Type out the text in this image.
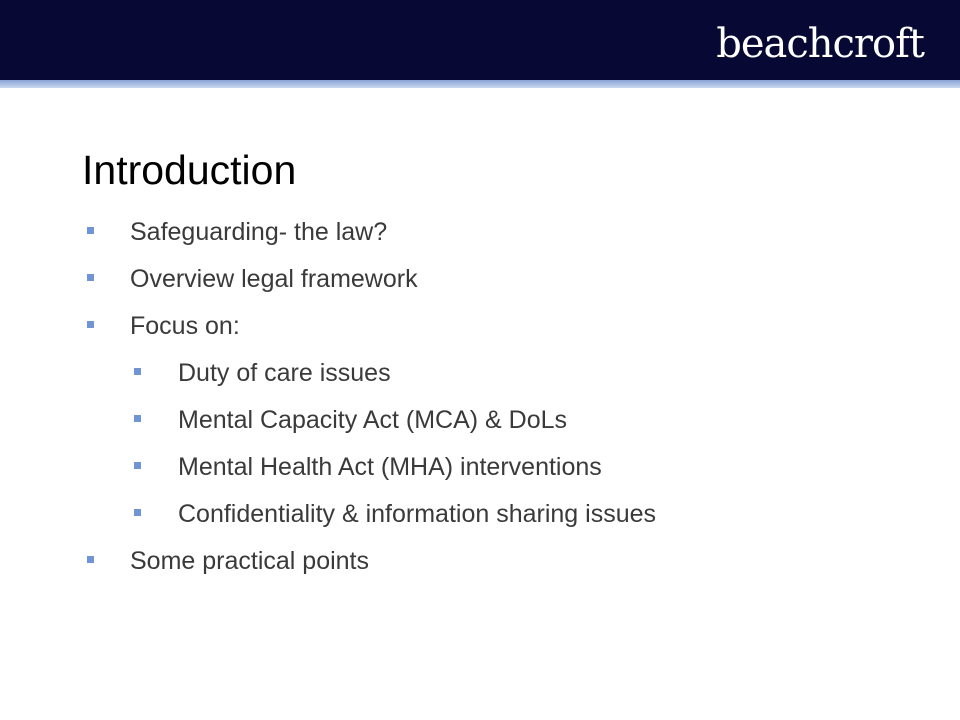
beachcroft
Introduction
Safeguarding- the law?
Overview legal framework
Focus on:
Duty of care issues
Mental Capacity Act (MCA) & DoLs
Mental Health Act (MHA) interventions
Confidentiality & information sharing issues
Some practical points
